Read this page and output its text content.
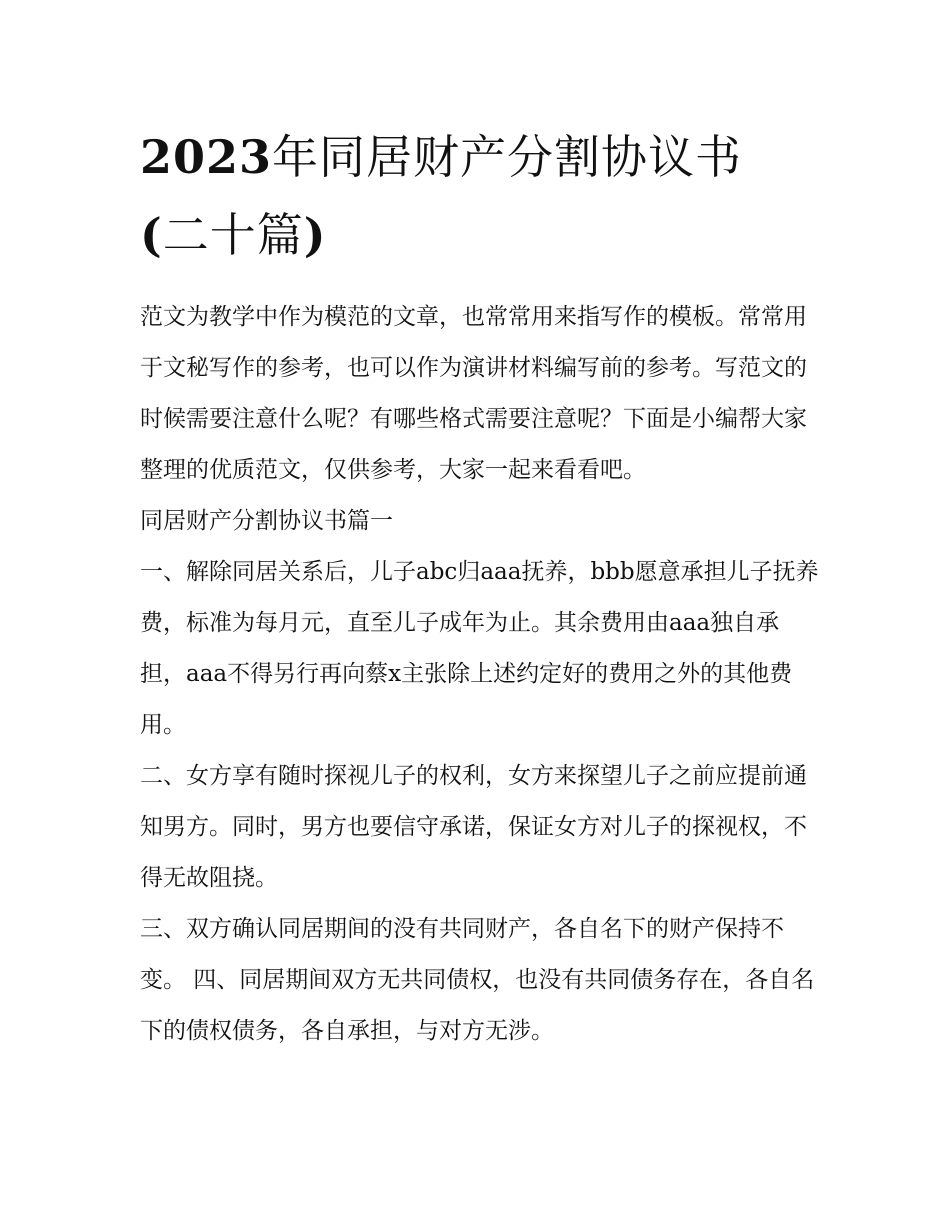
2023年同居财产分割协议书
(二十篇)

范文为教学中作为模范的文章，也常常用来指写作的模板。常常用于文秘写作的参考，也可以作为演讲材料编写前的参考。写范文的时候需要注意什么呢？有哪些格式需要注意呢？下面是小编帮大家整理的优质范文，仅供参考，大家一起来看看吧。

同居财产分割协议书篇一

一、解除同居关系后，儿子abc归aaa抚养，bbb愿意承担儿子抚养费，标准为每月元，直至儿子成年为止。其余费用由aaa独自承担，aaa不得另行再向蔡x主张除上述约定好的费用之外的其他费用。

二、女方享有随时探视儿子的权利，女方来探望儿子之前应提前通知男方。同时，男方也要信守承诺，保证女方对儿子的探视权，不得无故阻挠。

三、双方确认同居期间的没有共同财产，各自名下的财产保持不变。 四、同居期间双方无共同债权，也没有共同债务存在，各自名下的债权债务，各自承担，与对方无涉。
